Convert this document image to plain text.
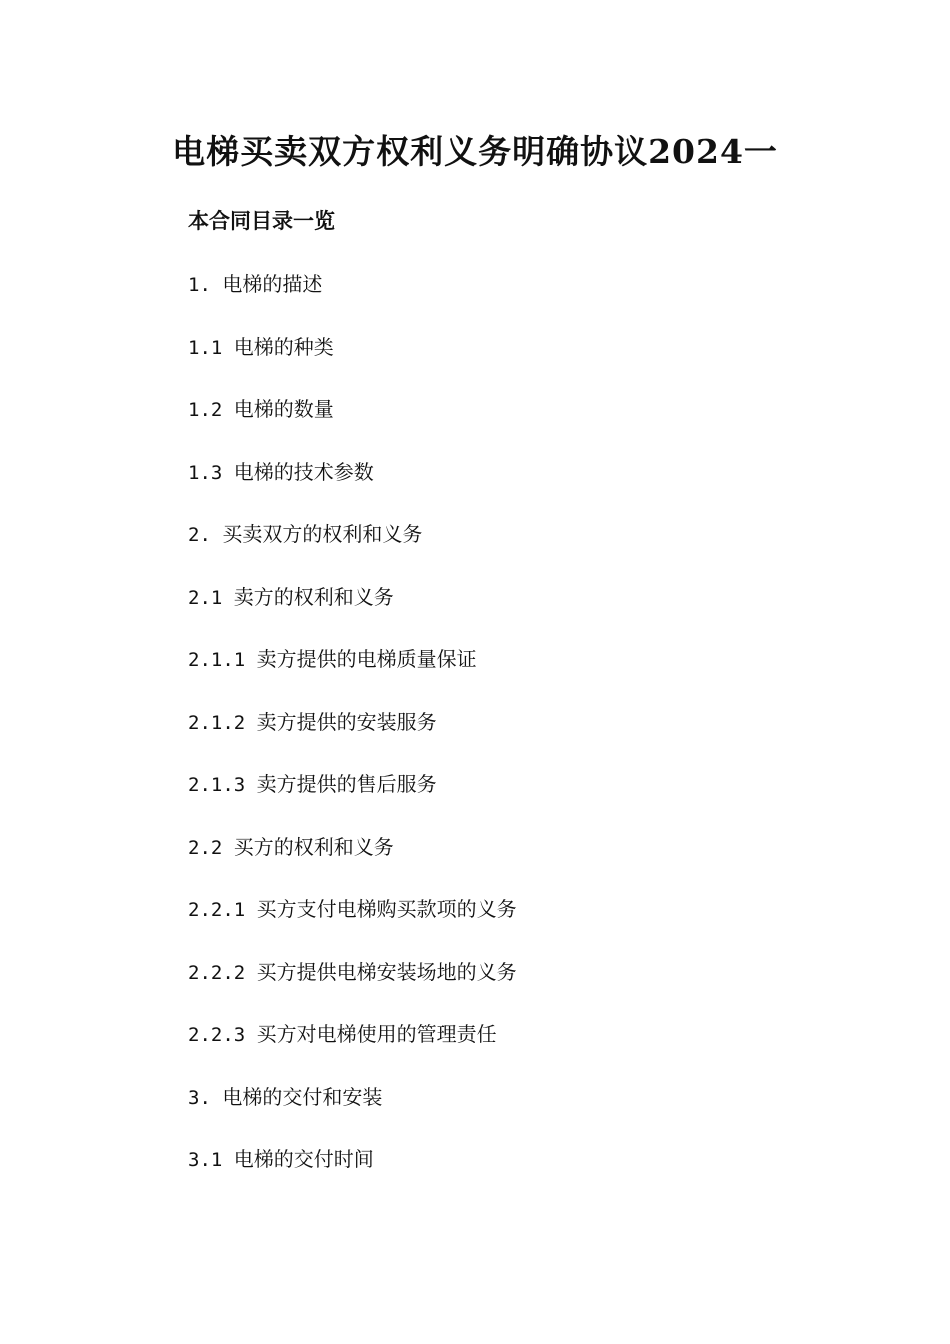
电梯买卖双方权利义务明确协议2024一
本合同目录一览
1. 电梯的描述
1.1 电梯的种类
1.2 电梯的数量
1.3 电梯的技术参数
2. 买卖双方的权利和义务
2.1 卖方的权利和义务
2.1.1 卖方提供的电梯质量保证
2.1.2 卖方提供的安装服务
2.1.3 卖方提供的售后服务
2.2 买方的权利和义务
2.2.1 买方支付电梯购买款项的义务
2.2.2 买方提供电梯安装场地的义务
2.2.3 买方对电梯使用的管理责任
3. 电梯的交付和安装
3.1 电梯的交付时间
